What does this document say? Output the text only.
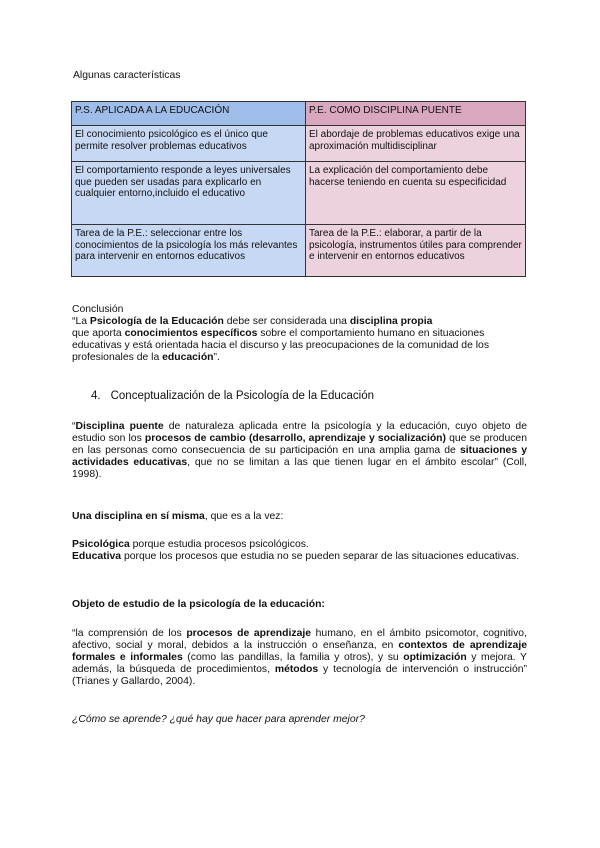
Algunas características
P.S. APLICADA A LA EDUCACIÓN	P.E. COMO DISCIPLINA PUENTE
El conocimiento psicológico es el único que permite resolver problemas educativos	El abordaje de problemas educativos exige una aproximación multidisciplinar
El comportamiento responde a leyes universales que pueden ser usadas para explicarlo en cualquier entorno,incluido el educativo	La explicación del comportamiento debe hacerse teniendo en cuenta su especificidad
Tarea de la P.E.: seleccionar entre los conocimientos de la psicología los más relevantes para intervenir en entornos educativos	Tarea de la P.E.: elaborar, a partir de la psicología, instrumentos útiles para comprender e intervenir en entornos educativos

Conclusión

“La Psicología de la Educación debe ser considerada una disciplina propia
que aporta conocimientos específicos sobre el comportamiento humano en situaciones educativas y está orientada hacia el discurso y las preocupaciones de la comunidad de los profesionales de la educación”.

4. Conceptualización de la Psicología de la Educación

“Disciplina puente de naturaleza aplicada entre la psicología y la educación, cuyo objeto de estudio son los procesos de cambio (desarrollo, aprendizaje y socialización) que se producen en las personas como consecuencia de su participación en una amplia gama de situaciones y actividades educativas, que no se limitan a las que tienen lugar en el ámbito escolar” (Coll, 1998).

Una disciplina en sí misma, que es a la vez:

Psicológica porque estudia procesos psicológicos.

Educativa porque los procesos que estudia no se pueden separar de las situaciones educativas.

Objeto de estudio de la psicología de la educación:

“la comprensión de los procesos de aprendizaje humano, en el ámbito psicomotor, cognitivo, afectivo, social y moral, debidos a la instrucción o enseñanza, en contextos de aprendizaje formales e informales (como las pandillas, la familia y otros), y su optimización y mejora. Y además, la búsqueda de procedimientos, métodos y tecnología de intervención o instrucción” (Trianes y Gallardo, 2004).

¿Cómo se aprende? ¿qué hay que hacer para aprender mejor?
